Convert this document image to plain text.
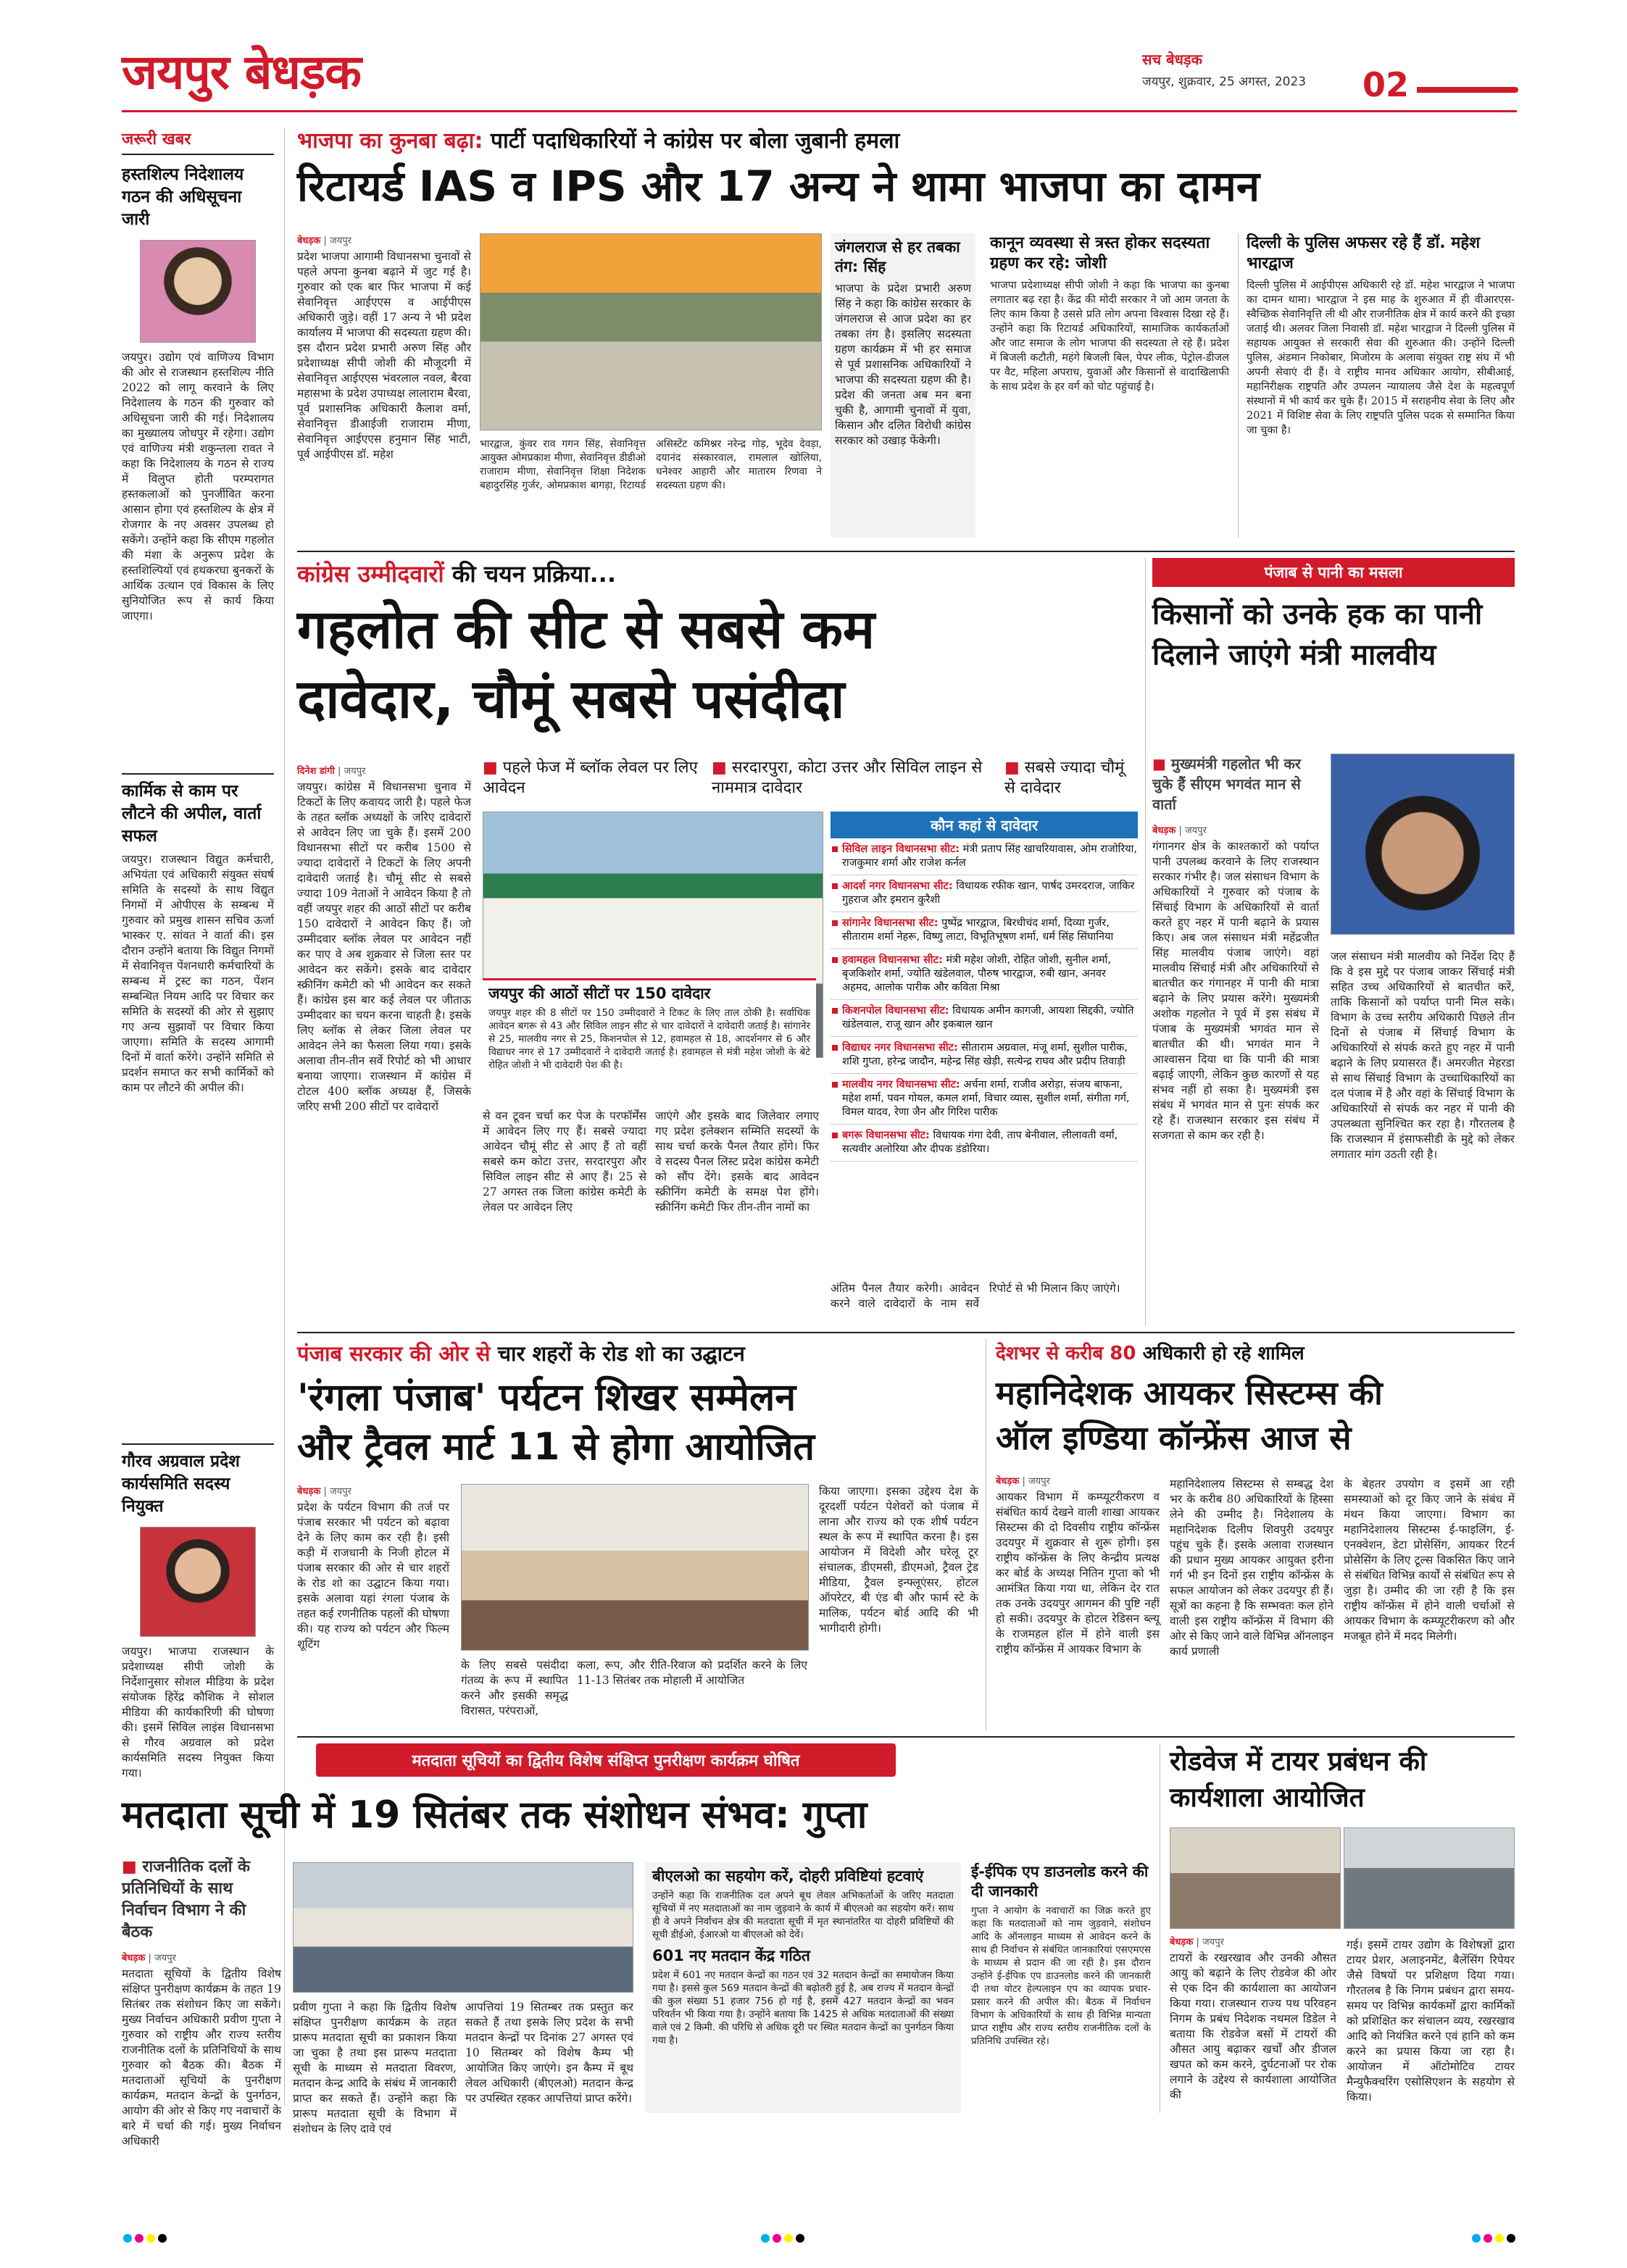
जयपुर बेधड़क	सच बेधड़क
जयपुर, शुक्रवार, 25 अगस्त, 2023 02
जरूरी खबर
हस्तशिल्प निदेशालय गठन की अधिसूचना जारी
जयपुर। उद्योग एवं वाणिज्य विभाग की ओर से राजस्थान हस्तशिल्प नीति 2022 को लागू करवाने के लिए निदेशालय के गठन की गुरुवार को अधिसूचना जारी की गई। निदेशालय का मुख्यालय जोधपुर में रहेगा। उद्योग एवं वाणिज्य मंत्री शकुन्तला रावत ने कहा कि निदेशालय के गठन से राज्य में विलुप्त होती परम्परागत हस्तकलाओं को पुनर्जीवित करना आसान होगा एवं हस्तशिल्प के क्षेत्र में रोजगार के नए अवसर उपलब्ध हो सकेंगे। उन्होंने कहा कि सीएम गहलोत की मंशा के अनुरूप प्रदेश के हस्तशिल्पियों एवं हथकरघा बुनकरों के आर्थिक उत्थान एवं विकास के लिए सुनियोजित रूप से कार्य किया जाएगा।
कार्मिक से काम पर लौटने की अपील, वार्ता सफल
जयपुर। राजस्थान विद्युत कर्मचारी, अभियंता एवं अधिकारी संयुक्त संघर्ष समिति के सदस्यों के साथ विद्युत निगमों में ओपीएस के सम्बन्ध में गुरुवार को प्रमुख शासन सचिव ऊर्जा भास्कर ए. सांवत ने वार्ता की। इस दौरान उन्होंने बताया कि विद्युत निगमों में सेवानिवृत्त पेंशनधारी कर्मचारियों के सम्बन्ध में ट्रस्ट का गठन, पेंशन सम्बन्धित नियम आदि पर विचार कर समिति के सदस्यों की ओर से सुझाए गए अन्य सुझावों पर विचार किया जाएगा। समिति के सदस्य आगामी दिनों में वार्ता करेंगे। उन्होंने समिति से प्रदर्शन समाप्त कर सभी कार्मिकों को काम पर लौटने की अपील की।
गौरव अग्रवाल प्रदेश कार्यसमिति सदस्य नियुक्त
जयपुर। भाजपा राजस्थान के प्रदेशाध्यक्ष सीपी जोशी के निर्देशानुसार सोशल मीडिया के प्रदेश संयोजक हिरेंद्र कौशिक ने सोशल मीडिया की कार्यकारिणी की घोषणा की। इसमें सिविल लाइंस विधानसभा से गौरव अग्रवाल को प्रदेश कार्यसमिति सदस्य नियुक्त किया गया।
भाजपा का कुनबा बढ़ा: पार्टी पदाधिकारियों ने कांग्रेस पर बोला जुबानी हमला
रिटायर्ड IAS व IPS और 17 अन्य ने थामा भाजपा का दामन
बेधड़क | जयपुर
प्रदेश भाजपा आगामी विधानसभा चुनावों से पहले अपना कुनबा बढ़ाने में जुट गई है। गुरुवार को एक बार फिर भाजपा में कई सेवानिवृत्त आईएएस व आईपीएस अधिकारी जुड़े। वहीं 17 अन्य ने भी प्रदेश कार्यालय में भाजपा की सदस्यता ग्रहण की। इस दौरान प्रदेश प्रभारी अरुण सिंह और प्रदेशाध्यक्ष सीपी जोशी की मौजूदगी में सेवानिवृत्त आईएएस भंवरलाल नवल, बैरवा महासभा के प्रदेश उपाध्यक्ष लालाराम बैरवा, पूर्व प्रशासनिक अधिकारी कैलाश वर्मा, सेवानिवृत्त डीआईजी राजाराम मीणा, सेवानिवृत्त आईएएस हनुमान सिंह भाटी, पूर्व आईपीएस डॉ. महेश
भारद्वाज, कुंवर राव गगन सिंह, सेवानिवृत्त आयुक्त ओमप्रकाश मीणा, सेवानिवृत्त डीडीओ राजाराम मीणा, सेवानिवृत्त शिक्षा निदेशक बहादुरसिंह गुर्जर, ओमप्रकाश बागड़ा, रिटायर्ड असिस्टेंट कमिश्नर नरेन्द्र गोड़, भूदेव देवड़ा, दयानंद संस्कारवाल, रामलाल खोलिया, धनेश्वर आहारी और मातारम रिणवा ने सदस्यता ग्रहण की।
जंगलराज से हर तबका तंग: सिंह
भाजपा के प्रदेश प्रभारी अरुण सिंह ने कहा कि कांग्रेस सरकार के जंगलराज से आज प्रदेश का हर तबका तंग है। इसलिए सदस्यता ग्रहण कार्यक्रम में भी हर समाज से पूर्व प्रशासनिक अधिकारियों ने भाजपा की सदस्यता ग्रहण की है। प्रदेश की जनता अब मन बना चुकी है, आगामी चुनावों में युवा, किसान और दलित विरोधी कांग्रेस सरकार को उखाड़ फेंकेगी।
कानून व्यवस्था से त्रस्त होकर सदस्यता ग्रहण कर रहे: जोशी
भाजपा प्रदेशाध्यक्ष सीपी जोशी ने कहा कि भाजपा का कुनबा लगातार बढ़ रहा है। केंद्र की मोदी सरकार ने जो आम जनता के लिए काम किया है उससे प्रति लोग अपना विश्वास दिखा रहे हैं। उन्होंने कहा कि रिटायर्ड अधिकारियों, सामाजिक कार्यकर्ताओं और जाट समाज के लोग भाजपा की सदस्यता ले रहे हैं। प्रदेश में बिजली कटौती, महंगे बिजली बिल, पेपर लीक, पेट्रोल-डीजल पर वैट, महिला अपराध, युवाओं और किसानों से वादाखिलाफी के साथ प्रदेश के हर वर्ग को चोट पहुंचाई है।
दिल्ली के पुलिस अफसर रहे हैं डॉ. महेश भारद्वाज
दिल्ली पुलिस में आईपीएस अधिकारी रहे डॉ. महेश भारद्वाज ने भाजपा का दामन थामा। भारद्वाज ने इस माह के शुरुआत में ही वीआरएस-स्वैच्छिक सेवानिवृत्ति ली थी और राजनीतिक क्षेत्र में कार्य करने की इच्छा जताई थी। अलवर जिला निवासी डॉ. महेश भारद्वाज ने दिल्ली पुलिस में सहायक आयुक्त से सरकारी सेवा की शुरुआत की। उन्होंने दिल्ली पुलिस, अंडमान निकोबार, मिजोरम के अलावा संयुक्त राष्ट्र संघ में भी अपनी सेवाएं दी हैं। वे राष्ट्रीय मानव अधिकार आयोग, सीबीआई, महानिरीक्षक राष्ट्रपति और उप्पलन न्यायालय जैसे देश के महत्वपूर्ण संस्थानों में भी कार्य कर चुके हैं। 2015 में सराहनीय सेवा के लिए और 2021 में विशिष्ट सेवा के लिए राष्ट्रपति पुलिस पदक से सम्मानित किया जा चुका है।
कांग्रेस उम्मीदवारों की चयन प्रक्रिया...
गहलोत की सीट से सबसे कम
दावेदार, चौमूं सबसे पसंदीदा
दिनेश डांगी | जयपुर
जयपुर। कांग्रेस में विधानसभा चुनाव में टिकटों के लिए कवायद जारी है। पहले फेज के तहत ब्लॉक अध्यक्षों के जरिए दावेदारों से आवेदन लिए जा चुके हैं। इसमें 200 विधानसभा सीटों पर करीब 1500 से ज्यादा दावेदारों ने टिकटों के लिए अपनी दावेदारी जताई है। चौमूं सीट से सबसे ज्यादा 109 नेताओं ने आवेदन किया है तो वहीं जयपुर शहर की आठों सीटों पर करीब 150 दावेदारों ने आवेदन किए हैं। जो उम्मीदवार ब्लॉक लेवल पर आवेदन नहीं कर पाए वे अब शुक्रवार से जिला स्तर पर आवेदन कर सकेंगे। इसके बाद दावेदार स्क्रीनिंग कमेटी को भी आवेदन कर सकते हैं। कांग्रेस इस बार कई लेवल पर जीताऊ उम्मीदवार का चयन करना चाहती है। इसके लिए ब्लॉक से लेकर जिला लेवल पर आवेदन लेने का फैसला लिया गया। इसके अलावा तीन-तीन सर्वे रिपोर्ट को भी आधार बनाया जाएगा। राजस्थान में कांग्रेस में टोटल 400 ब्लॉक अध्यक्ष हैं, जिसके जरिए सभी 200 सीटों पर दावेदारों
■ पहले फेज में ब्लॉक लेवल पर लिए आवेदन
■ सरदारपुरा, कोटा उत्तर और सिविल लाइन से नाममात्र दावेदार
■ सबसे ज्यादा चौमूं से दावेदार
जयपुर की आठों सीटों पर 150 दावेदार
जयपुर शहर की 8 सीटों पर 150 उम्मीदवारों ने टिकट के लिए ताल ठोकी है। सर्वाधिक आवेदन बगरू से 43 और सिविल लाइन सीट से चार दावेदारों ने दावेदारी जताई है। सांगानेर से 25, मालवीय नगर से 25, किशनपोल से 12, हवामहल से 18, आदर्शनगर से 6 और विद्याधर नगर से 17 उम्मीदवारों ने दावेदारी जताई है। हवामहल से मंत्री महेश जोशी के बेटे रोहित जोशी ने भी दावेदारी पेश की है।
से वन टूवन चर्चा कर पेज के परफॉर्मेंस में आवेदन लिए गए हैं। सबसे ज्यादा आवेदन चौमूं सीट से आए हैं तो वहीं सबसे कम कोटा उत्तर, सरदारपुरा और सिविल लाइन सीट से आए हैं। 25 से 27 अगस्त तक जिला कांग्रेस कमेटी के लेवल पर आवेदन लिए
जाएंगे और इसके बाद जिलेवार लगाए गए प्रदेश इलेक्शन सम्मिति सदस्यों के साथ चर्चा करके पैनल तैयार होंगे। फिर वे सदस्य पैनल लिस्ट प्रदेश कांग्रेस कमेटी को सौंप देंगे। इसके बाद आवेदन स्क्रीनिंग कमेटी के समक्ष पेश होंगे। स्क्रीनिंग कमेटी फिर तीन-तीन नामों का
कौन कहां से दावेदार
सिविल लाइन विधानसभा सीट: मंत्री प्रताप सिंह खाचरियावास, ओम राजोरिया, राजकुमार शर्मा और राजेश कर्नल
आदर्श नगर विधानसभा सीट: विधायक रफीक खान, पार्षद उमरदराज, जाकिर गुहराज और इमरान कुरैशी
सांगानेर विधानसभा सीट: पुष्पेंद्र भारद्वाज, बिरधीचंद शर्मा, दिव्या गुर्जर, सीताराम शर्मा नेहरू, विष्णु लाटा, विभूतिभूषण शर्मा, धर्म सिंह सिंघानिया
हवामहल विधानसभा सीट: मंत्री महेश जोशी, रोहित जोशी, सुनील शर्मा, बृजकिशोर शर्मा, ज्योति खंडेलवाल, पौरुष भारद्वाज, रुबी खान, अनवर अहमद, आलोक पारीक और कविता मिश्रा
किशनपोल विधानसभा सीट: विधायक अमीन कागजी, आयशा सिद्दकी, ज्योति खंडेलवाल, राजू खान और इकबाल खान
विद्याधर नगर विधानसभा सीट: सीताराम अग्रवाल, मंजू शर्मा, सुशील पारीक, शशि गुप्ता, हरेन्द्र जादौन, महेन्द्र सिंह खेड़ी, सत्येन्द्र राघव और प्रदीप तिवाड़ी
मालवीय नगर विधानसभा सीट: अर्चना शर्मा, राजीव अरोड़ा, संजय बाफना, महेश शर्मा, पवन गोयल, कमल शर्मा, विचार व्यास, सुशील शर्मा, संगीता गर्ग, विमल यादव, रेणा जैन और गिरिश पारीक
बगरू विधानसभा सीट: विधायक गंगा देवी, ताप बेनीवाल, लीलावती वर्मा, सत्यवीर अलोरिया और दीपक डंडोरिया।
अंतिम पैनल तैयार करेगी। आवेदन करने वाले दावेदारों के नाम सर्वे रिपोर्ट से भी मिलान किए जाएंगे।
पंजाब से पानी का मसला
किसानों को उनके हक का पानी दिलाने जाएंगे मंत्री मालवीय
■ मुख्यमंत्री गहलोत भी कर चुके हैं सीएम भगवंत मान से वार्ता
बेधड़क | जयपुर
गंगानगर क्षेत्र के काश्तकारों को पर्याप्त पानी उपलब्ध करवाने के लिए राजस्थान सरकार गंभीर है। जल संसाधन विभाग के अधिकारियों ने गुरुवार को पंजाब के सिंचाई विभाग के अधिकारियों से वार्ता करते हुए नहर में पानी बढ़ाने के प्रयास किए। अब जल संसाधन मंत्री महेंद्रजीत सिंह मालवीय पंजाब जाएंगे। वहां मालवीय सिंचाई मंत्री और अधिकारियों से बातचीत कर गंगानहर में पानी की मात्रा बढ़ाने के लिए प्रयास करेंगे। मुख्यमंत्री अशोक गहलोत ने पूर्व में इस संबंध में पंजाब के मुख्यमंत्री भगवंत मान से बातचीत की थी। भगवंत मान ने आश्वासन दिया था कि पानी की मात्रा बढ़ाई जाएगी, लेकिन कुछ कारणों से यह संभव नहीं हो सका है। मुख्यमंत्री इस संबंध में भगवंत मान से पुनः संपर्क कर रहे हैं। राजस्थान सरकार इस संबंध में सजगता से काम कर रही है।
जल संसाधन मंत्री मालवीय को निर्देश दिए हैं कि वे इस मुद्दे पर पंजाब जाकर सिंचाई मंत्री सहित उच्च अधिकारियों से बातचीत करें, ताकि किसानों को पर्याप्त पानी मिल सके। विभाग के उच्च स्तरीय अधिकारी पिछले तीन दिनों से पंजाब में सिंचाई विभाग के अधिकारियों से संपर्क करते हुए नहर में पानी बढ़ाने के लिए प्रयासरत हैं। अमरजीत मेहरडा से साथ सिंचाई विभाग के उच्चाधिकारियों का दल पंजाब में है और वहां के सिंचाई विभाग के अधिकारियों से संपर्क कर नहर में पानी की उपलब्धता सुनिश्चित कर रहा है। गौरतलब है कि राजस्थान में इंसाफसीडी के मुद्दे को लेकर लगातार मांग उठती रही है।
पंजाब सरकार की ओर से चार शहरों के रोड शो का उद्घाटन
'रंगला पंजाब' पर्यटन शिखर सम्मेलन
और ट्रैवल मार्ट 11 से होगा आयोजित
बेधड़क | जयपुर
प्रदेश के पर्यटन विभाग की तर्ज पर पंजाब सरकार भी पर्यटन को बढ़ावा देने के लिए काम कर रही है। इसी कड़ी में राजधानी के निजी होटल में पंजाब सरकार की ओर से चार शहरों के रोड शो का उद्घाटन किया गया। इसके अलावा यहां रंगला पंजाब के तहत कई रणनीतिक पहलों की घोषणा की। यह राज्य को पर्यटन और फिल्म शूटिंग
के लिए सबसे पसंदीदा गंतव्य के रूप में स्थापित करने और इसकी समृद्ध विरासत, परंपराओं,
कला, रूप, और रीति-रिवाज को प्रदर्शित करने के लिए 11-13 सितंबर तक मोहाली में आयोजित
किया जाएगा। इसका उद्देश्य देश के दूरदर्शी पर्यटन पेशेवरों को पंजाब में लाना और राज्य को एक शीर्ष पर्यटन स्थल के रूप में स्थापित करना है। इस आयोजन में विदेशी और घरेलू टूर संचालक, डीएमसी, डीएमओ, ट्रैवल ट्रेड मीडिया, ट्रैवल इन्फ्लूएंसर, होटल ऑपरेटर, बी एंड बी और फार्म स्टे के मालिक, पर्यटन बोर्ड आदि की भी भागीदारी होगी।
देशभर से करीब 80 अधिकारी हो रहे शामिल
महानिदेशक आयकर सिस्टम्स की
ऑल इण्डिया कॉन्फ्रेंस आज से
बेधड़क | जयपुर
आयकर विभाग में कम्प्यूटरीकरण व संबंधित कार्य देखने वाली शाखा आयकर सिस्टम्स की दो दिवसीय राष्ट्रीय कॉन्फ्रेंस उदयपुर में शुक्रवार से शुरू होगी। इस राष्ट्रीय कॉन्फ्रेंस के लिए केन्द्रीय प्रत्यक्ष कर बोर्ड के अध्यक्ष नितिन गुप्ता को भी आमंत्रित किया गया था, लेकिन देर रात तक उनके उदयपुर आगमन की पुष्टि नहीं हो सकी। उदयपुर के होटल रेडिसन ब्ल्यू के राजमहल हॉल में होने वाली इस राष्ट्रीय कॉन्फ्रेंस में आयकर विभाग के
महानिदेशालय सिस्टम्स से सम्बद्ध देश भर के करीब 80 अधिकारियों के हिस्सा लेने की उम्मीद है। निदेशालय के महानिदेशक दिलीप शिवपुरी उदयपुर पहुंच चुके हैं। इसके अलावा राजस्थान की प्रधान मुख्य आयकर आयुक्त इरीना गर्ग भी इन दिनों इस राष्ट्रीय कॉन्फ्रेंस के सफल आयोजन को लेकर उदयपुर ही हैं। सूत्रों का कहना है कि सम्भवतः कल होने वाली इस राष्ट्रीय कॉन्फ्रेंस में विभाग की ओर से किए जाने वाले विभिन्न ऑनलाइन कार्य प्रणाली
के बेहतर उपयोग व इसमें आ रही समस्याओं को दूर किए जाने के संबंध में मंथन किया जाएगा। विभाग का महानिदेशालय सिस्टम्स ई-फाइलिंग, ई-एनक्वेशन, डेटा प्रोसेसिंग, आयकर रिटर्न प्रोसेसिंग के लिए टूल्स विकसित किए जाने से संबंधित विभिन्न कार्यों से संबंधित रूप से जुड़ा है। उम्मीद की जा रही है कि इस राष्ट्रीय कॉन्फ्रेंस में होने वाली चर्चाओं से आयकर विभाग के कम्प्यूटरीकरण को और मजबूत होने में मदद मिलेगी।
मतदाता सूचियों का द्वितीय विशेष संक्षिप्त पुनरीक्षण कार्यक्रम घोषित
मतदाता सूची में 19 सितंबर तक संशोधन संभव: गुप्ता
■ राजनीतिक दलों के प्रतिनिधियों के साथ निर्वाचन विभाग ने की बैठक
बेधड़क | जयपुर
मतदाता सूचियों के द्वितीय विशेष संक्षिप्त पुनरीक्षण कार्यक्रम के तहत 19 सितंबर तक संशोधन किए जा सकेंगे। मुख्य निर्वाचन अधिकारी प्रवीण गुप्ता ने गुरुवार को राष्ट्रीय और राज्य स्तरीय राजनीतिक दलों के प्रतिनिधियों के साथ गुरुवार को बैठक की। बैठक में मतदाताओं सूचियों के पुनरीक्षण कार्यक्रम, मतदान केन्द्रों के पुनर्गठन, आयोग की ओर से किए गए नवाचारों के बारे में चर्चा की गई। मुख्य निर्वाचन अधिकारी
प्रवीण गुप्ता ने कहा कि द्वितीय विशेष संक्षिप्त पुनरीक्षण कार्यक्रम के तहत प्रारूप मतदाता सूची का प्रकाशन किया जा चुका है तथा इस प्रारूप मतदाता सूची के माध्यम से मतदाता विवरण, मतदान केन्द्र आदि के संबंध में जानकारी प्राप्त कर सकते हैं। उन्होंने कहा कि प्रारूप मतदाता सूची के विभाग में संशोधन के लिए दावे एवं
आपत्तियां 19 सितम्बर तक प्रस्तुत कर सकते हैं तथा इसके लिए प्रदेश के सभी मतदान केन्द्रों पर दिनांक 27 अगस्त एवं 10 सितम्बर को विशेष कैम्प भी आयोजित किए जाएंगे। इन कैम्प में बूथ लेवल अधिकारी (बीएलओ) मतदान केन्द्र पर उपस्थित रहकर आपत्तियां प्राप्त करेंगे।
बीएलओ का सहयोग करें, दोहरी प्रविष्टियां हटवाएं
उन्होंने कहा कि राजनीतिक दल अपने बूथ लेवल अभिकर्ताओं के जरिए मतदाता सूचियों में नए मतदाताओं का नाम जुड़वाने के कार्य में बीएलओ का सहयोग करें। साथ ही वे अपने निर्वाचन क्षेत्र की मतदाता सूची में मृत स्थानांतरित या दोहरी प्रविष्टियों की सूची डीईओ, ईआरओ या बीएलओ को देवें।
601 नए मतदान केंद्र गठित
प्रदेश में 601 नए मतदान केन्द्रों का गठन एवं 32 मतदान केन्द्रों का समायोजन किया गया है। इससे कुल 569 मतदान केन्द्रों की बढ़ोतरी हुई है, अब राज्य में मतदान केन्द्रों की कुल संख्या 51 हजार 756 हो गई है, इसमें 427 मतदान केन्द्रों का भवन परिवर्तन भी किया गया है। उन्होंने बताया कि 1425 से अधिक मतदाताओं की संख्या वाले एवं 2 किमी. की परिधि से अधिक दूरी पर स्थित मतदान केन्द्रों का पुनर्गठन किया गया है।
ई-ईपिक एप डाउनलोड करने की दी जानकारी
गुप्ता ने आयोग के नवाचारों का जिक्र करते हुए कहा कि मतदाताओं को नाम जुड़वाने, संशोधन आदि के ऑनलाइन माध्यम से आवेदन करने के साथ ही निर्वाचन से संबंधित जानकारियां एसएमएस के माध्यम से प्रदान की जा रही है। इस दौरान उन्होंने ई-ईपिक एप डाउनलोड करने की जानकारी दी तथा वोटर हेल्पलाइन एप का व्यापक प्रचार-प्रसार करने की अपील की। बैठक में निर्वाचन विभाग के अधिकारियों के साथ ही विभिन्न मान्यता प्राप्त राष्ट्रीय और राज्य स्तरीय राजनीतिक दलों के प्रतिनिधि उपस्थित रहे।
रोडवेज में टायर प्रबंधन की कार्यशाला आयोजित
बेधड़क | जयपुर
टायरों के रखरखाव और उनकी औसत आयु को बढ़ाने के लिए रोडवेज की ओर से एक दिन की कार्यशाला का आयोजन किया गया। राजस्थान राज्य पथ परिवहन निगम के प्रबंध निदेशक नथमल डिडेल ने बताया कि रोडवेज बसों में टायरों की औसत आयु बढ़ाकर खर्चों और डीजल खपत को कम करने, दुर्घटनाओं पर रोक लगाने के उद्देश्य से कार्यशाला आयोजित की
गई। इसमें टायर उद्योग के विशेषज्ञों द्वारा टायर प्रेशर, अलाइनमेंट, बैलेंसिंग रिपेयर जैसे विषयों पर प्रशिक्षण दिया गया। गौरतलब है कि निगम प्रबंधन द्वारा समय-समय पर विभिन्न कार्यकर्मों द्वारा कार्मिकों को प्रशिक्षित कर संचालन व्यय, रखरखाव आदि को नियंत्रित करने एवं हानि को कम करने का प्रयास किया जा रहा है। आयोजन में ऑटोमोटिव टायर मैन्युफैक्चरिंग एसोसिएशन के सहयोग से किया।
